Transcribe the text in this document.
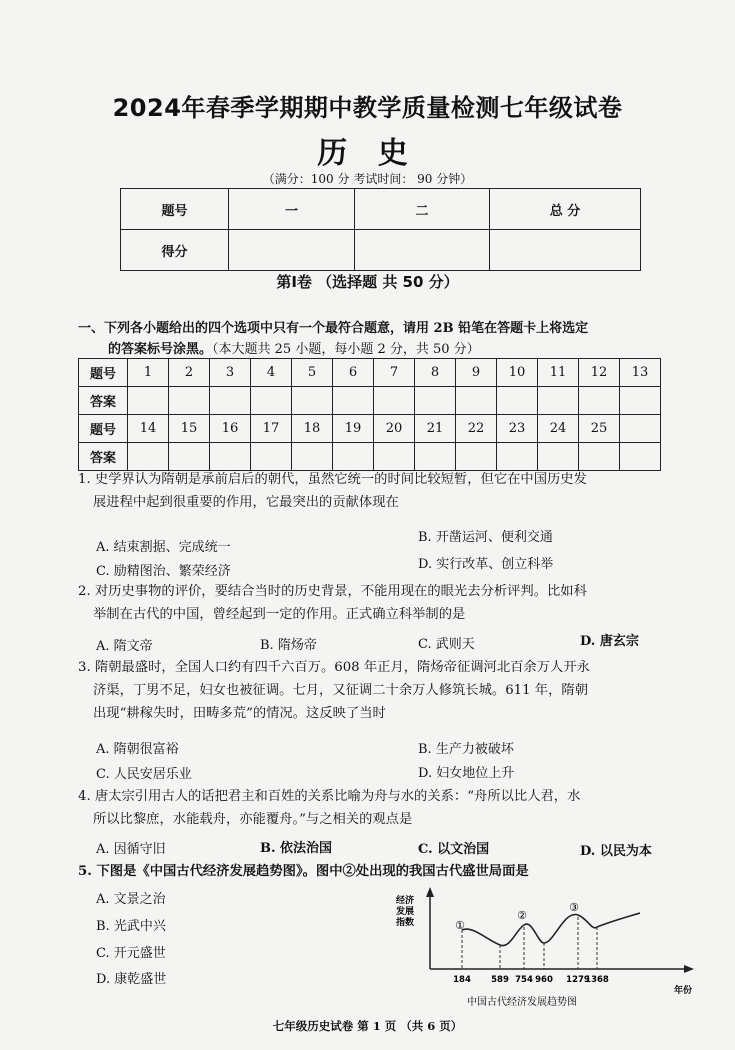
2024年春季学期期中教学质量检测七年级试卷
历 史
（满分：100 分 考试时间： 90 分钟）
题号	一	二	总 分
得分			
第Ⅰ卷 （选择题 共 50 分）
一、下列各小题给出的四个选项中只有一个最符合题意，请用 2B 铅笔在答题卡上将选定
的答案标号涂黑。（本大题共 25 小题，每小题 2 分，共 50 分）
题号	1	2	3	4	5	6	7	8	9	10	11	12	13
答案													
题号	14	15	16	17	18	19	20	21	22	23	24	25	
答案													
1. 史学界认为隋朝是承前启后的朝代，虽然它统一的时间比较短暂，但它在中国历史发
展进程中起到很重要的作用，它最突出的贡献体现在
A. 结束割据、完成统一
B. 开凿运河、便利交通
C. 励精图治、繁荣经济	D. 实行改革、创立科举
2. 对历史事物的评价，要结合当时的历史背景，不能用现在的眼光去分析评判。比如科
举制在古代的中国，曾经起到一定的作用。正式确立科举制的是
A. 隋文帝	B. 隋炀帝	C. 武则天	D. 唐玄宗
3. 隋朝最盛时，全国人口约有四千六百万。608 年正月，隋炀帝征调河北百余万人开永
济渠，丁男不足，妇女也被征调。七月，又征调二十余万人修筑长城。611 年，隋朝
出现“耕稼失时，田畴多荒”的情况。这反映了当时
A. 隋朝很富裕	B. 生产力被破坏
C. 人民安居乐业	D. 妇女地位上升
4. 唐太宗引用古人的话把君主和百姓的关系比喻为舟与水的关系：“舟所以比人君，水
所以比黎庶，水能载舟，亦能覆舟。”与之相关的观点是
A. 因循守旧	B. 依法治国	C. 以文治国	D. 以民为本
5. 下图是《中国古代经济发展趋势图》。图中②处出现的我国古代盛世局面是
A. 文景之治
B. 光武中兴
C. 开元盛世
D. 康乾盛世
经济 发展 指数
184 589 754 960 1279
1368
①
②
③
中国古代经济发展趋势图
年份
七年级历史试卷 第 1 页 （共 6 页）
